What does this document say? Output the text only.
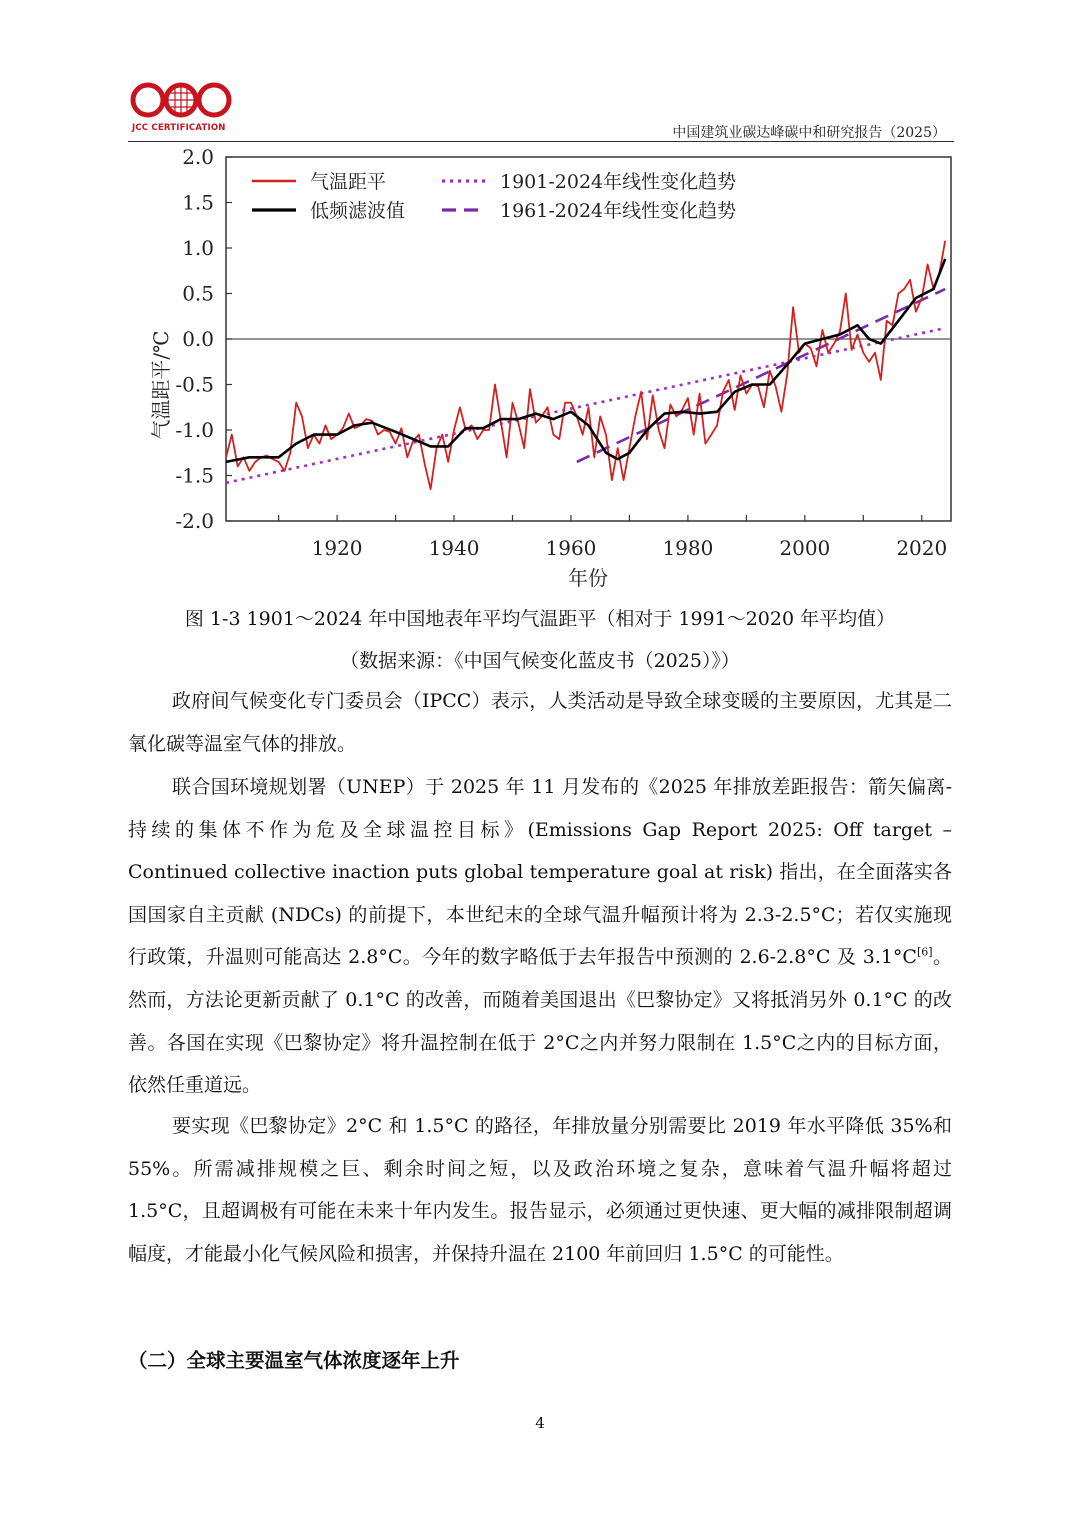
JCC CERTIFICATION	中国建筑业碳达峰碳中和研究报告（2025）
2.0
1.5
1.0
0.5
0.0
-0.5
-1.0
-1.5
-2.0
1920	1940	1960	1980	2000	2020
气温距平
低频滤波值
1901-2024年线性变化趋势
1961-2024年线性变化趋势
气温距平/℃
年份
图 1-3 1901～2024 年中国地表年平均气温距平（相对于 1991～2020 年平均值）
（数据来源：《中国气候变化蓝皮书（2025）》）

政府间气候变化专门委员会（IPCC）表示，人类活动是导致全球变暖的主要原因，尤其是二氧化碳等温室气体的排放。

联合国环境规划署（UNEP）于 2025 年 11 月发布的《2025 年排放差距报告：箭矢偏离-持续的集体不作为危及全球温控目标》(Emissions Gap Report 2025: Off target – Continued collective inaction puts global temperature goal at risk) 指出，在全面落实各国国家自主贡献 (NDCs) 的前提下，本世纪末的全球气温升幅预计将为 2.3-2.5°C；若仅实施现行政策，升温则可能高达 2.8°C。今年的数字略低于去年报告中预测的 2.6-2.8°C 及 3.1°C[6]。然而，方法论更新贡献了 0.1°C 的改善，而随着美国退出《巴黎协定》又将抵消另外 0.1°C 的改善。各国在实现《巴黎协定》将升温控制在低于 2°C之内并努力限制在 1.5°C之内的目标方面，依然任重道远。

要实现《巴黎协定》2°C 和 1.5°C 的路径，年排放量分别需要比 2019 年水平降低 35%和 55%。所需减排规模之巨、剩余时间之短，以及政治环境之复杂，意味着气温升幅将超过 1.5°C，且超调极有可能在未来十年内发生。报告显示，必须通过更快速、更大幅的减排限制超调幅度，才能最小化气候风险和损害，并保持升温在 2100 年前回归 1.5°C 的可能性。

（二）全球主要温室气体浓度逐年上升
4
